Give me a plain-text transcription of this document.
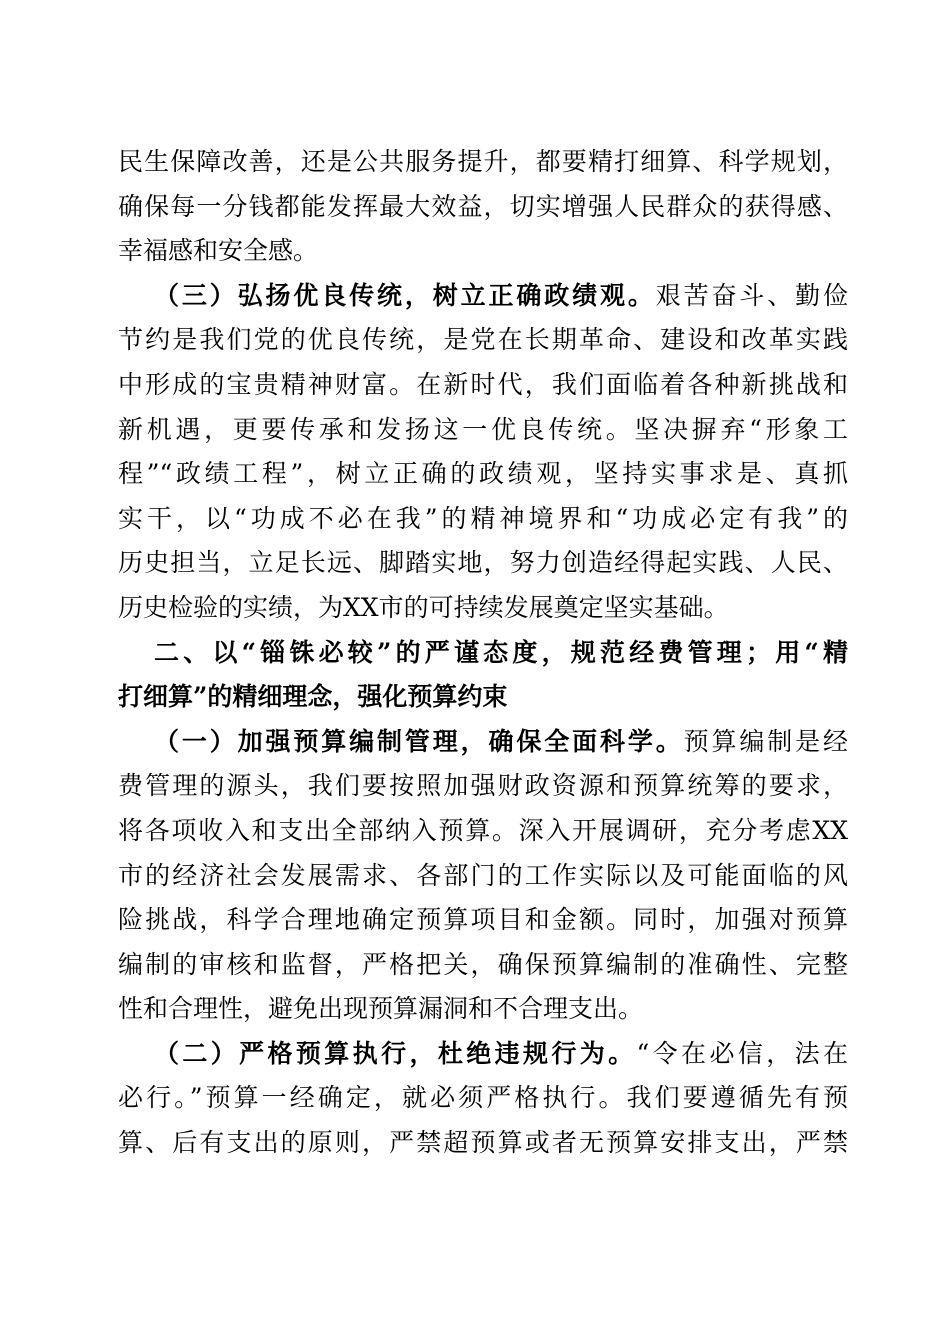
民生保障改善，还是公共服务提升，都要精打细算、科学规划，
确保每一分钱都能发挥最大效益，切实增强人民群众的获得感、
幸福感和安全感。
（三）弘扬优良传统，树立正确政绩观。艰苦奋斗、勤俭
节约是我们党的优良传统，是党在长期革命、建设和改革实践
中形成的宝贵精神财富。在新时代，我们面临着各种新挑战和
新机遇，更要传承和发扬这一优良传统。坚决摒弃“形象工
程”“政绩工程”，树立正确的政绩观，坚持实事求是、真抓
实干，以“功成不必在我”的精神境界和“功成必定有我”的
历史担当，立足长远、脚踏实地，努力创造经得起实践、人民、
历史检验的实绩，为XX市的可持续发展奠定坚实基础。
二、以“锱铢必较”的严谨态度，规范经费管理；用“精
打细算”的精细理念，强化预算约束
（一）加强预算编制管理，确保全面科学。预算编制是经
费管理的源头，我们要按照加强财政资源和预算统筹的要求，
将各项收入和支出全部纳入预算。深入开展调研，充分考虑XX
市的经济社会发展需求、各部门的工作实际以及可能面临的风
险挑战，科学合理地确定预算项目和金额。同时，加强对预算
编制的审核和监督，严格把关，确保预算编制的准确性、完整
性和合理性，避免出现预算漏洞和不合理支出。
（二）严格预算执行，杜绝违规行为。“令在必信，法在
必行。”预算一经确定，就必须严格执行。我们要遵循先有预
算、后有支出的原则，严禁超预算或者无预算安排支出，严禁
